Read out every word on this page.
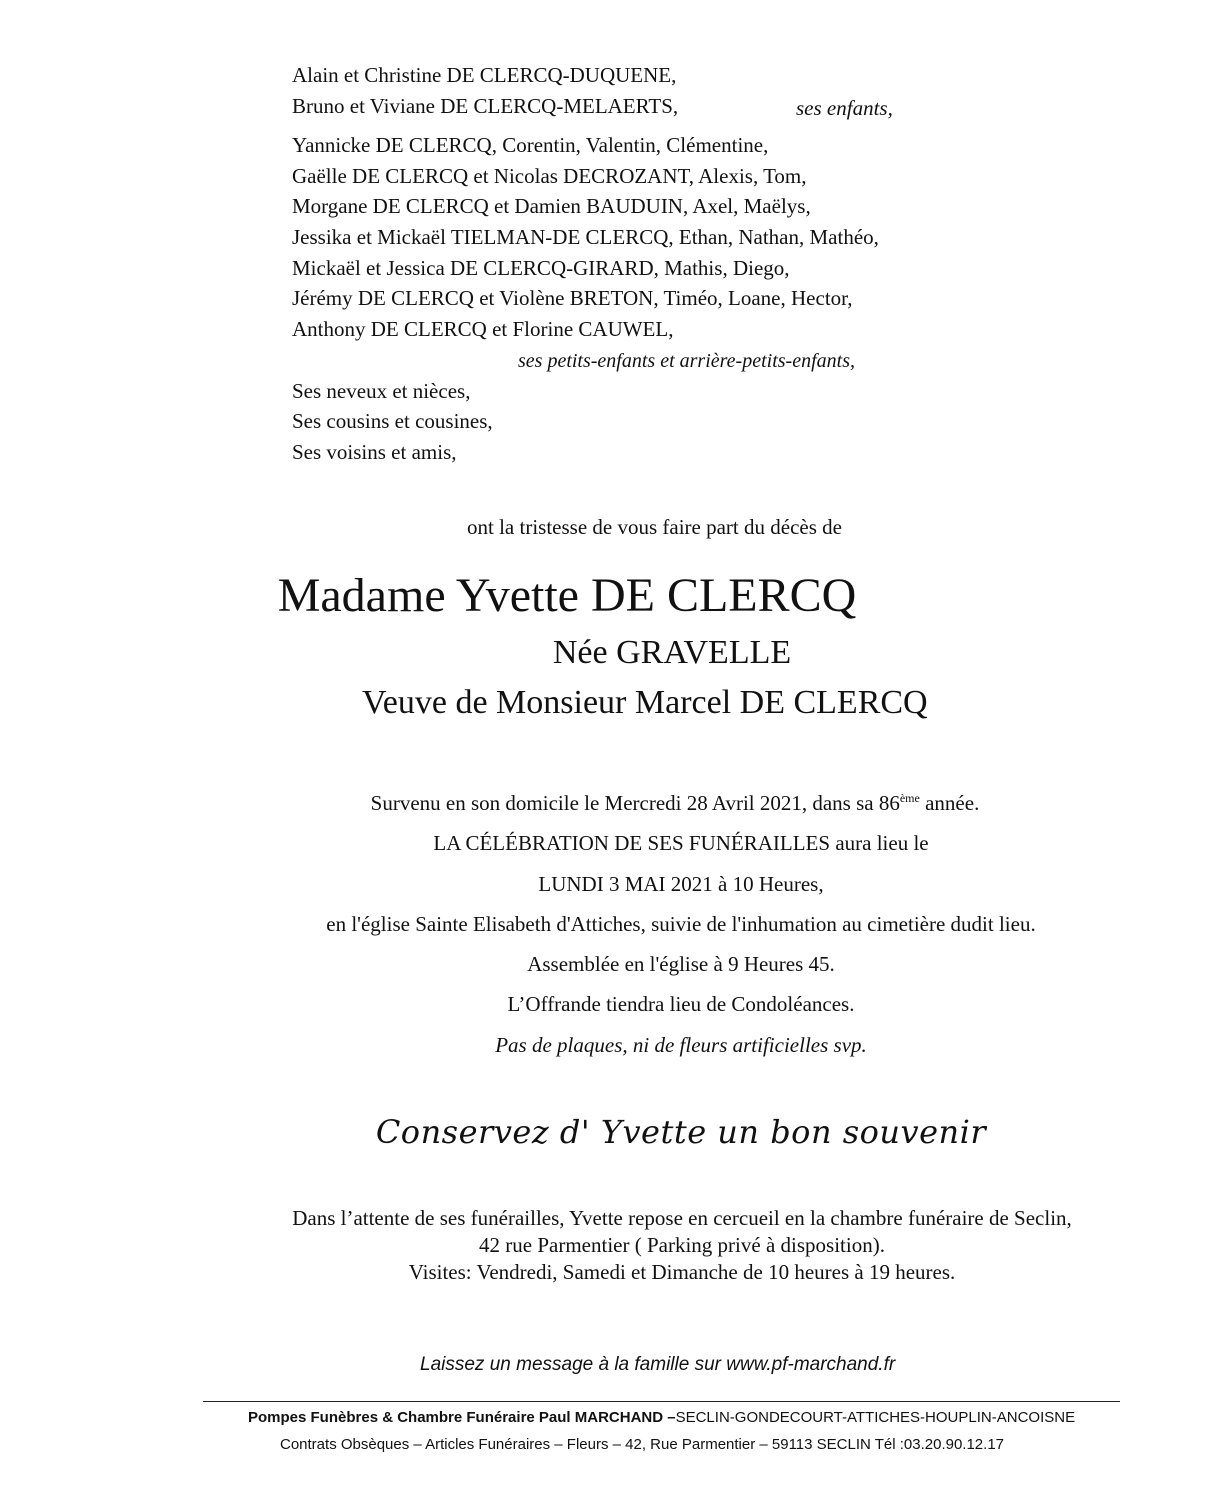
Alain et Christine DE CLERCQ-DUQUENE,
Bruno et Viviane DE CLERCQ-MELAERTS,	ses enfants,
Yannicke DE CLERCQ, Corentin, Valentin, Clémentine,
Gaëlle DE CLERCQ et Nicolas DECROZANT, Alexis, Tom,
Morgane DE CLERCQ et Damien BAUDUIN, Axel, Maëlys,
Jessika et Mickaël TIELMAN-DE CLERCQ, Ethan, Nathan, Mathéo,
Mickaël et Jessica DE CLERCQ-GIRARD, Mathis, Diego,
Jérémy DE CLERCQ et Violène BRETON, Timéo, Loane, Hector,
Anthony DE CLERCQ et Florine CAUWEL,
ses petits-enfants et arrière-petits-enfants,
Ses neveux et nièces,
Ses cousins et cousines,
Ses voisins et amis,
ont la tristesse de vous faire part du décès de
Madame Yvette DE CLERCQ
Née GRAVELLE
Veuve de Monsieur Marcel DE CLERCQ
Survenu en son domicile le Mercredi 28 Avril 2021, dans sa 86ème année.
LA CÉLÉBRATION DE SES FUNÉRAILLES aura lieu le
LUNDI 3 MAI 2021 à 10 Heures,
en l'église Sainte Elisabeth d'Attiches, suivie de l'inhumation au cimetière dudit lieu.
Assemblée en l'église à 9 Heures 45.
L’Offrande tiendra lieu de Condoléances.
Pas de plaques, ni de fleurs artificielles svp.
Conservez d' Yvette un bon souvenir
Dans l’attente de ses funérailles, Yvette repose en cercueil en la chambre funéraire de Seclin,
42 rue Parmentier ( Parking privé à disposition).
Visites: Vendredi, Samedi et Dimanche de 10 heures à 19 heures.
Laissez un message à la famille sur www.pf-marchand.fr
Pompes Funèbres & Chambre Funéraire Paul MARCHAND –SECLIN-GONDECOURT-ATTICHES-HOUPLIN-ANCOISNE
Contrats Obsèques – Articles Funéraires – Fleurs – 42, Rue Parmentier – 59113 SECLIN Tél :03.20.90.12.17
